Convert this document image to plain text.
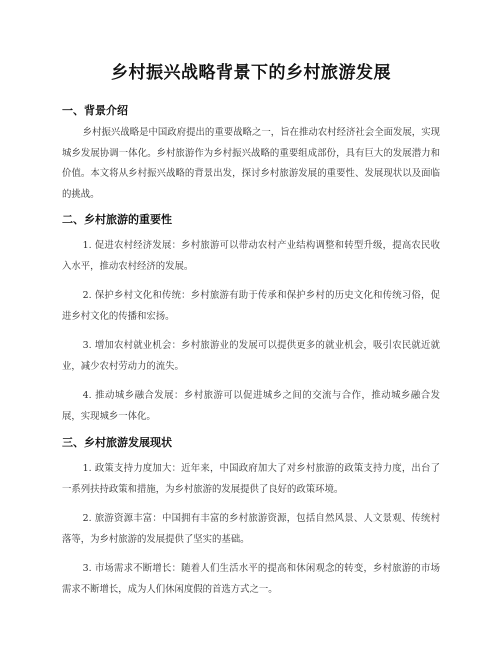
乡村振兴战略背景下的乡村旅游发展
一、背景介绍

乡村振兴战略是中国政府提出的重要战略之一，旨在推动农村经济社会全面发展，实现城乡发展协调一体化。乡村旅游作为乡村振兴战略的重要组成部份，具有巨大的发展潜力和价值。本文将从乡村振兴战略的背景出发，探讨乡村旅游发展的重要性、发展现状以及面临的挑战。

二、乡村旅游的重要性

1. 促进农村经济发展：乡村旅游可以带动农村产业结构调整和转型升级，提高农民收入水平，推动农村经济的发展。

2. 保护乡村文化和传统：乡村旅游有助于传承和保护乡村的历史文化和传统习俗，促进乡村文化的传播和宏扬。

3. 增加农村就业机会：乡村旅游业的发展可以提供更多的就业机会，吸引农民就近就业，减少农村劳动力的流失。

4. 推动城乡融合发展：乡村旅游可以促进城乡之间的交流与合作，推动城乡融合发展，实现城乡一体化。

三、乡村旅游发展现状

1. 政策支持力度加大：近年来，中国政府加大了对乡村旅游的政策支持力度，出台了一系列扶持政策和措施，为乡村旅游的发展提供了良好的政策环境。

2. 旅游资源丰富：中国拥有丰富的乡村旅游资源，包括自然风景、人文景观、传统村落等，为乡村旅游的发展提供了坚实的基础。

3. 市场需求不断增长：随着人们生活水平的提高和休闲观念的转变，乡村旅游的市场需求不断增长，成为人们休闲度假的首选方式之一。
